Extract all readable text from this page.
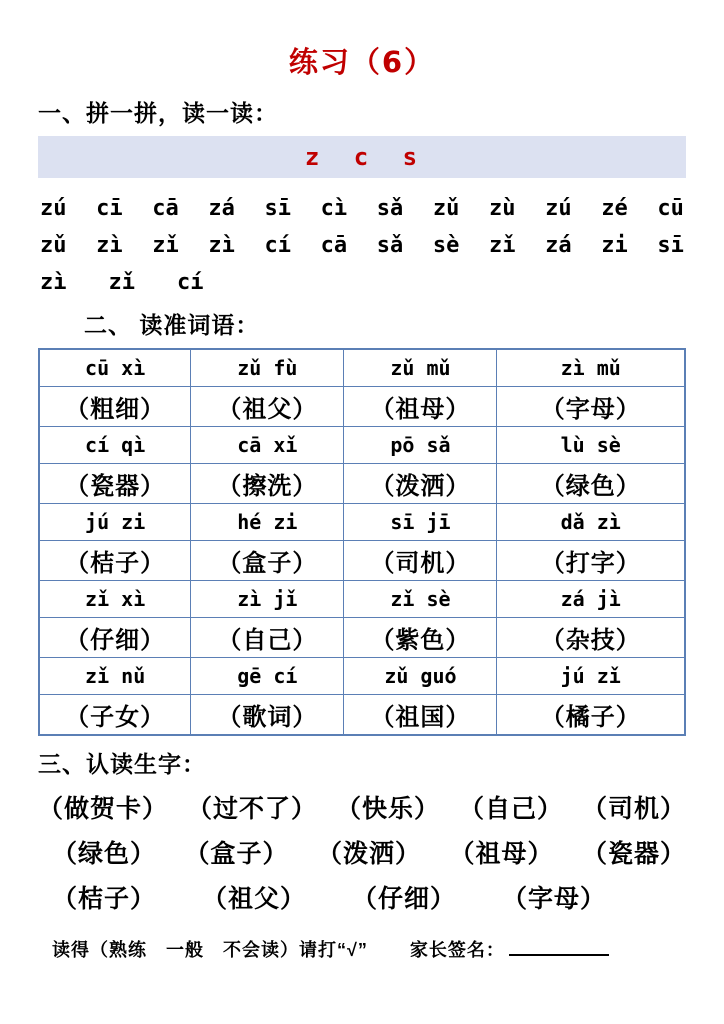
练习（6）
一、拼一拼，读一读：
z c s
zú cī cā zá sī cì sǎ zǔ zù zú zé cū
zǔ zì zǐ zì cí cā sǎ sè zǐ zá zi sī
zì zǐ cí
二、 读准词语：
cū xì	zǔ fù	zǔ mǔ	zì mǔ
（粗细）	（祖父）	（祖母）	（字母）
cí qì	cā xǐ	pō sǎ	lù sè
（瓷器）	（擦洗）	（泼洒）	（绿色）
jú zi	hé zi	sī jī	dǎ zì
（桔子）	（盒子）	（司机）	（打字）
zǐ xì	zì jǐ	zǐ sè	zá jì
（仔细）	（自己）	（紫色）	（杂技）
zǐ nǔ	gē cí	zǔ guó	jú zǐ
（子女）	（歌词）	（祖国）	（橘子）
三、认读生字：
（做贺卡） （过不了） （快乐） （自己） （司机）
（绿色） （盒子） （泼洒） （祖母） （瓷器）
（桔子） （祖父） （仔细） （字母）
读得（熟练　一般　不会读）请打“√” 家长签名：
